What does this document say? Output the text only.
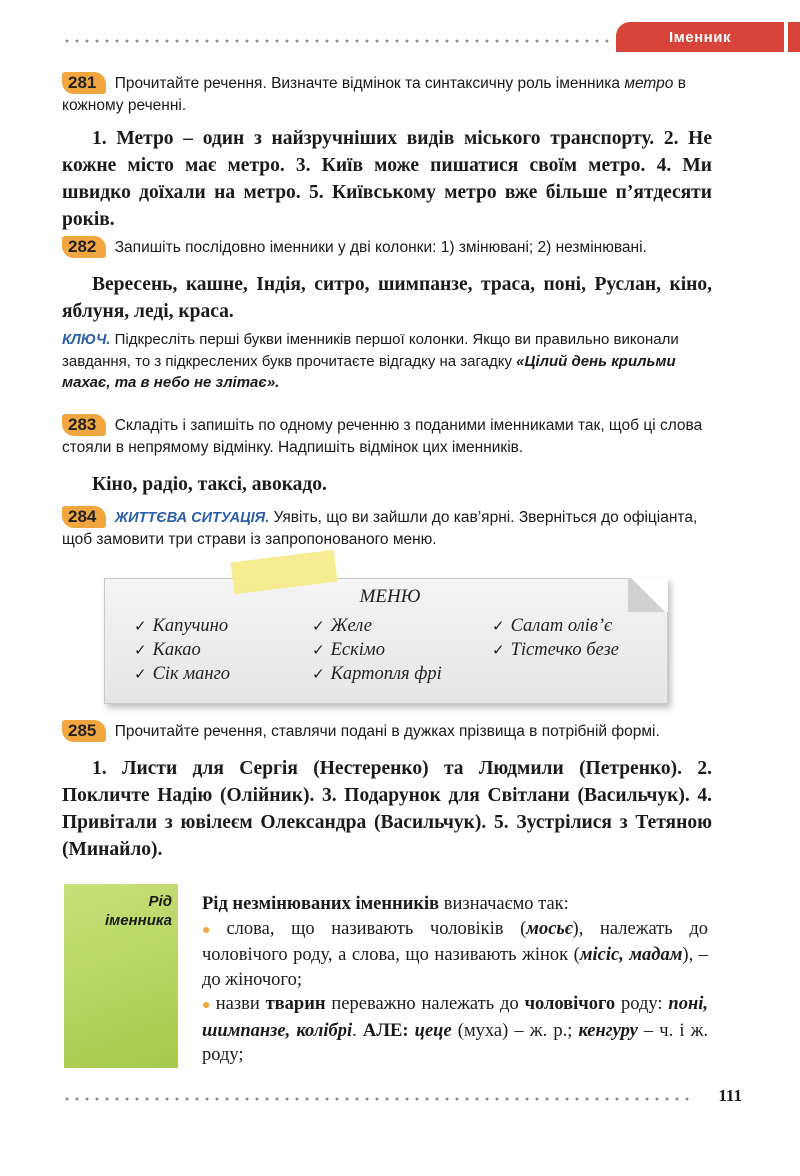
Іменник
281 Прочитайте речення. Визначте відмінок та синтаксичну роль іменника метро в кожному реченні.
1. Метро – один з найзручніших видів міського транспорту. 2. Не кожне місто має метро. 3. Київ може пишатися своїм метро. 4. Ми швидко доїхали на метро. 5. Київському метро вже більше п’ятдесяти років.
282 Запишіть послідовно іменники у дві колонки: 1) змінювані; 2) незмінювані.
Вересень, кашне, Індія, ситро, шимпанзе, траса, поні, Руслан, кіно, яблуня, леді, краса.
КЛЮЧ. Підкресліть перші букви іменників першої колонки. Якщо ви правильно виконали завдання, то з підкреслених букв прочитаєте відгадку на загадку «Цілий день крильми махає, та в небо не злітає».
283 Складіть і запишіть по одному реченню з поданими іменниками так, щоб ці слова стояли в непрямому відмінку. Надпишіть відмінок цих іменників.
Кіно, радіо, таксі, авокадо.
284 ЖИТТЄВА СИТУАЦІЯ. Уявіть, що ви зайшли до кав’ярні. Зверніться до офіціанта, щоб замовити три страви із запропонованого меню.
МЕНЮ
✓ Капучино
✓ Какао
✓ Сік манго
✓ Желе
✓ Ескімо
✓ Картопля фрі
✓ Салат олів’є
✓ Тістечко безе
285 Прочитайте речення, ставлячи подані в дужках прізвища в потрібній формі.
1. Листи для Сергія (Нестеренко) та Людмили (Петренко). 2. Покличте Надію (Олійник). 3. Подарунок для Світлани (Васильчук). 4. Привітали з ювілеєм Олександра (Васильчук). 5. Зустрілися з Тетяною (Минайло).
Рід
іменника
Рід незмінюваних іменників визначаємо так:
● слова, що називають чоловіків (мосьє), належать до чоловічого роду, а слова, що називають жінок (місіс, мадам), – до жіночого;
● назви тварин переважно належать до чоловічого роду: поні, шимпанзе, колібрі. АЛЕ: цеце (муха) – ж. р.; кенгуру – ч. і ж. роду;
111
